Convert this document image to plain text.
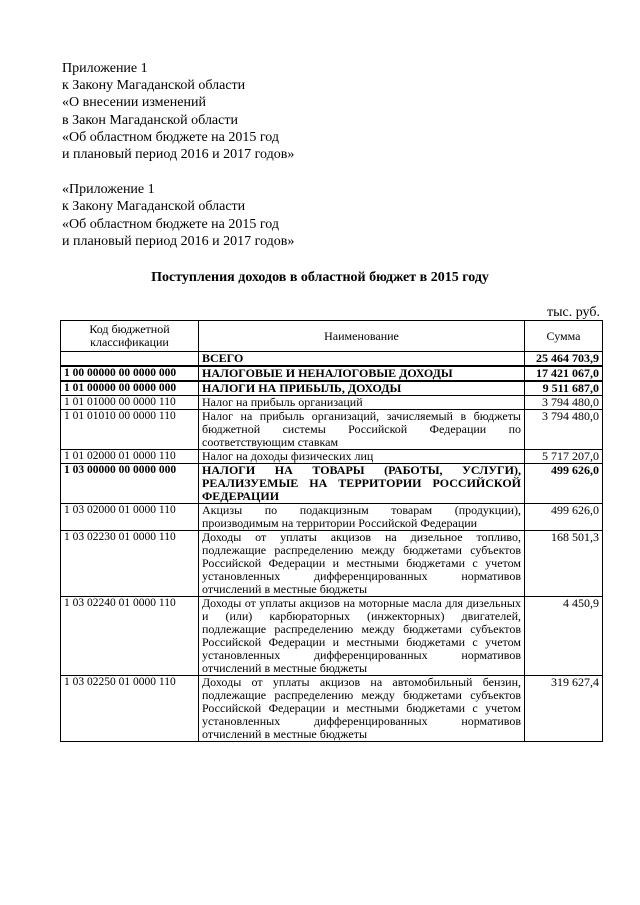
Приложение 1
к Закону Магаданской области
«О внесении изменений
в Закон Магаданской области
«Об областном бюджете на 2015 год
и плановый период 2016 и 2017 годов»
«Приложение 1
к Закону Магаданской области
«Об областном бюджете на 2015 год
и плановый период 2016 и 2017 годов»
Поступления доходов в областной бюджет в 2015 году
тыс. руб.
Код бюджетной классификации	Наименование	Сумма
	ВСЕГО	25 464 703,9
1 00 00000 00 0000 000	НАЛОГОВЫЕ И НЕНАЛОГОВЫЕ ДОХОДЫ	17 421 067,0
1 01 00000 00 0000 000	НАЛОГИ НА ПРИБЫЛЬ, ДОХОДЫ	9 511 687,0
1 01 01000 00 0000 110	Налог на прибыль организаций	3 794 480,0
1 01 01010 00 0000 110	Налог на прибыль организаций, зачисляемый в бюджеты бюджетной системы Российской Федерации по соответствующим ставкам	3 794 480,0
1 01 02000 01 0000 110	Налог на доходы физических лиц	5 717 207,0
1 03 00000 00 0000 000	НАЛОГИ НА ТОВАРЫ (РАБОТЫ, УСЛУГИ), РЕАЛИЗУЕМЫЕ НА ТЕРРИТОРИИ РОССИЙСКОЙ ФЕДЕРАЦИИ	499 626,0
1 03 02000 01 0000 110	Акцизы по подакцизным товарам (продукции), производимым на территории Российской Федерации	499 626,0
1 03 02230 01 0000 110	Доходы от уплаты акцизов на дизельное топливо, подлежащие распределению между бюджетами субъектов Российской Федерации и местными бюджетами с учетом установленных дифференцированных нормативов отчислений в местные бюджеты	168 501,3
1 03 02240 01 0000 110	Доходы от уплаты акцизов на моторные масла для дизельных и (или) карбюраторных (инжекторных) двигателей, подлежащие распределению между бюджетами субъектов Российской Федерации и местными бюджетами с учетом установленных дифференцированных нормативов отчислений в местные бюджеты	4 450,9
1 03 02250 01 0000 110	Доходы от уплаты акцизов на автомобильный бензин, подлежащие распределению между бюджетами субъектов Российской Федерации и местными бюджетами с учетом установленных дифференцированных нормативов отчислений в местные бюджеты	319 627,4
